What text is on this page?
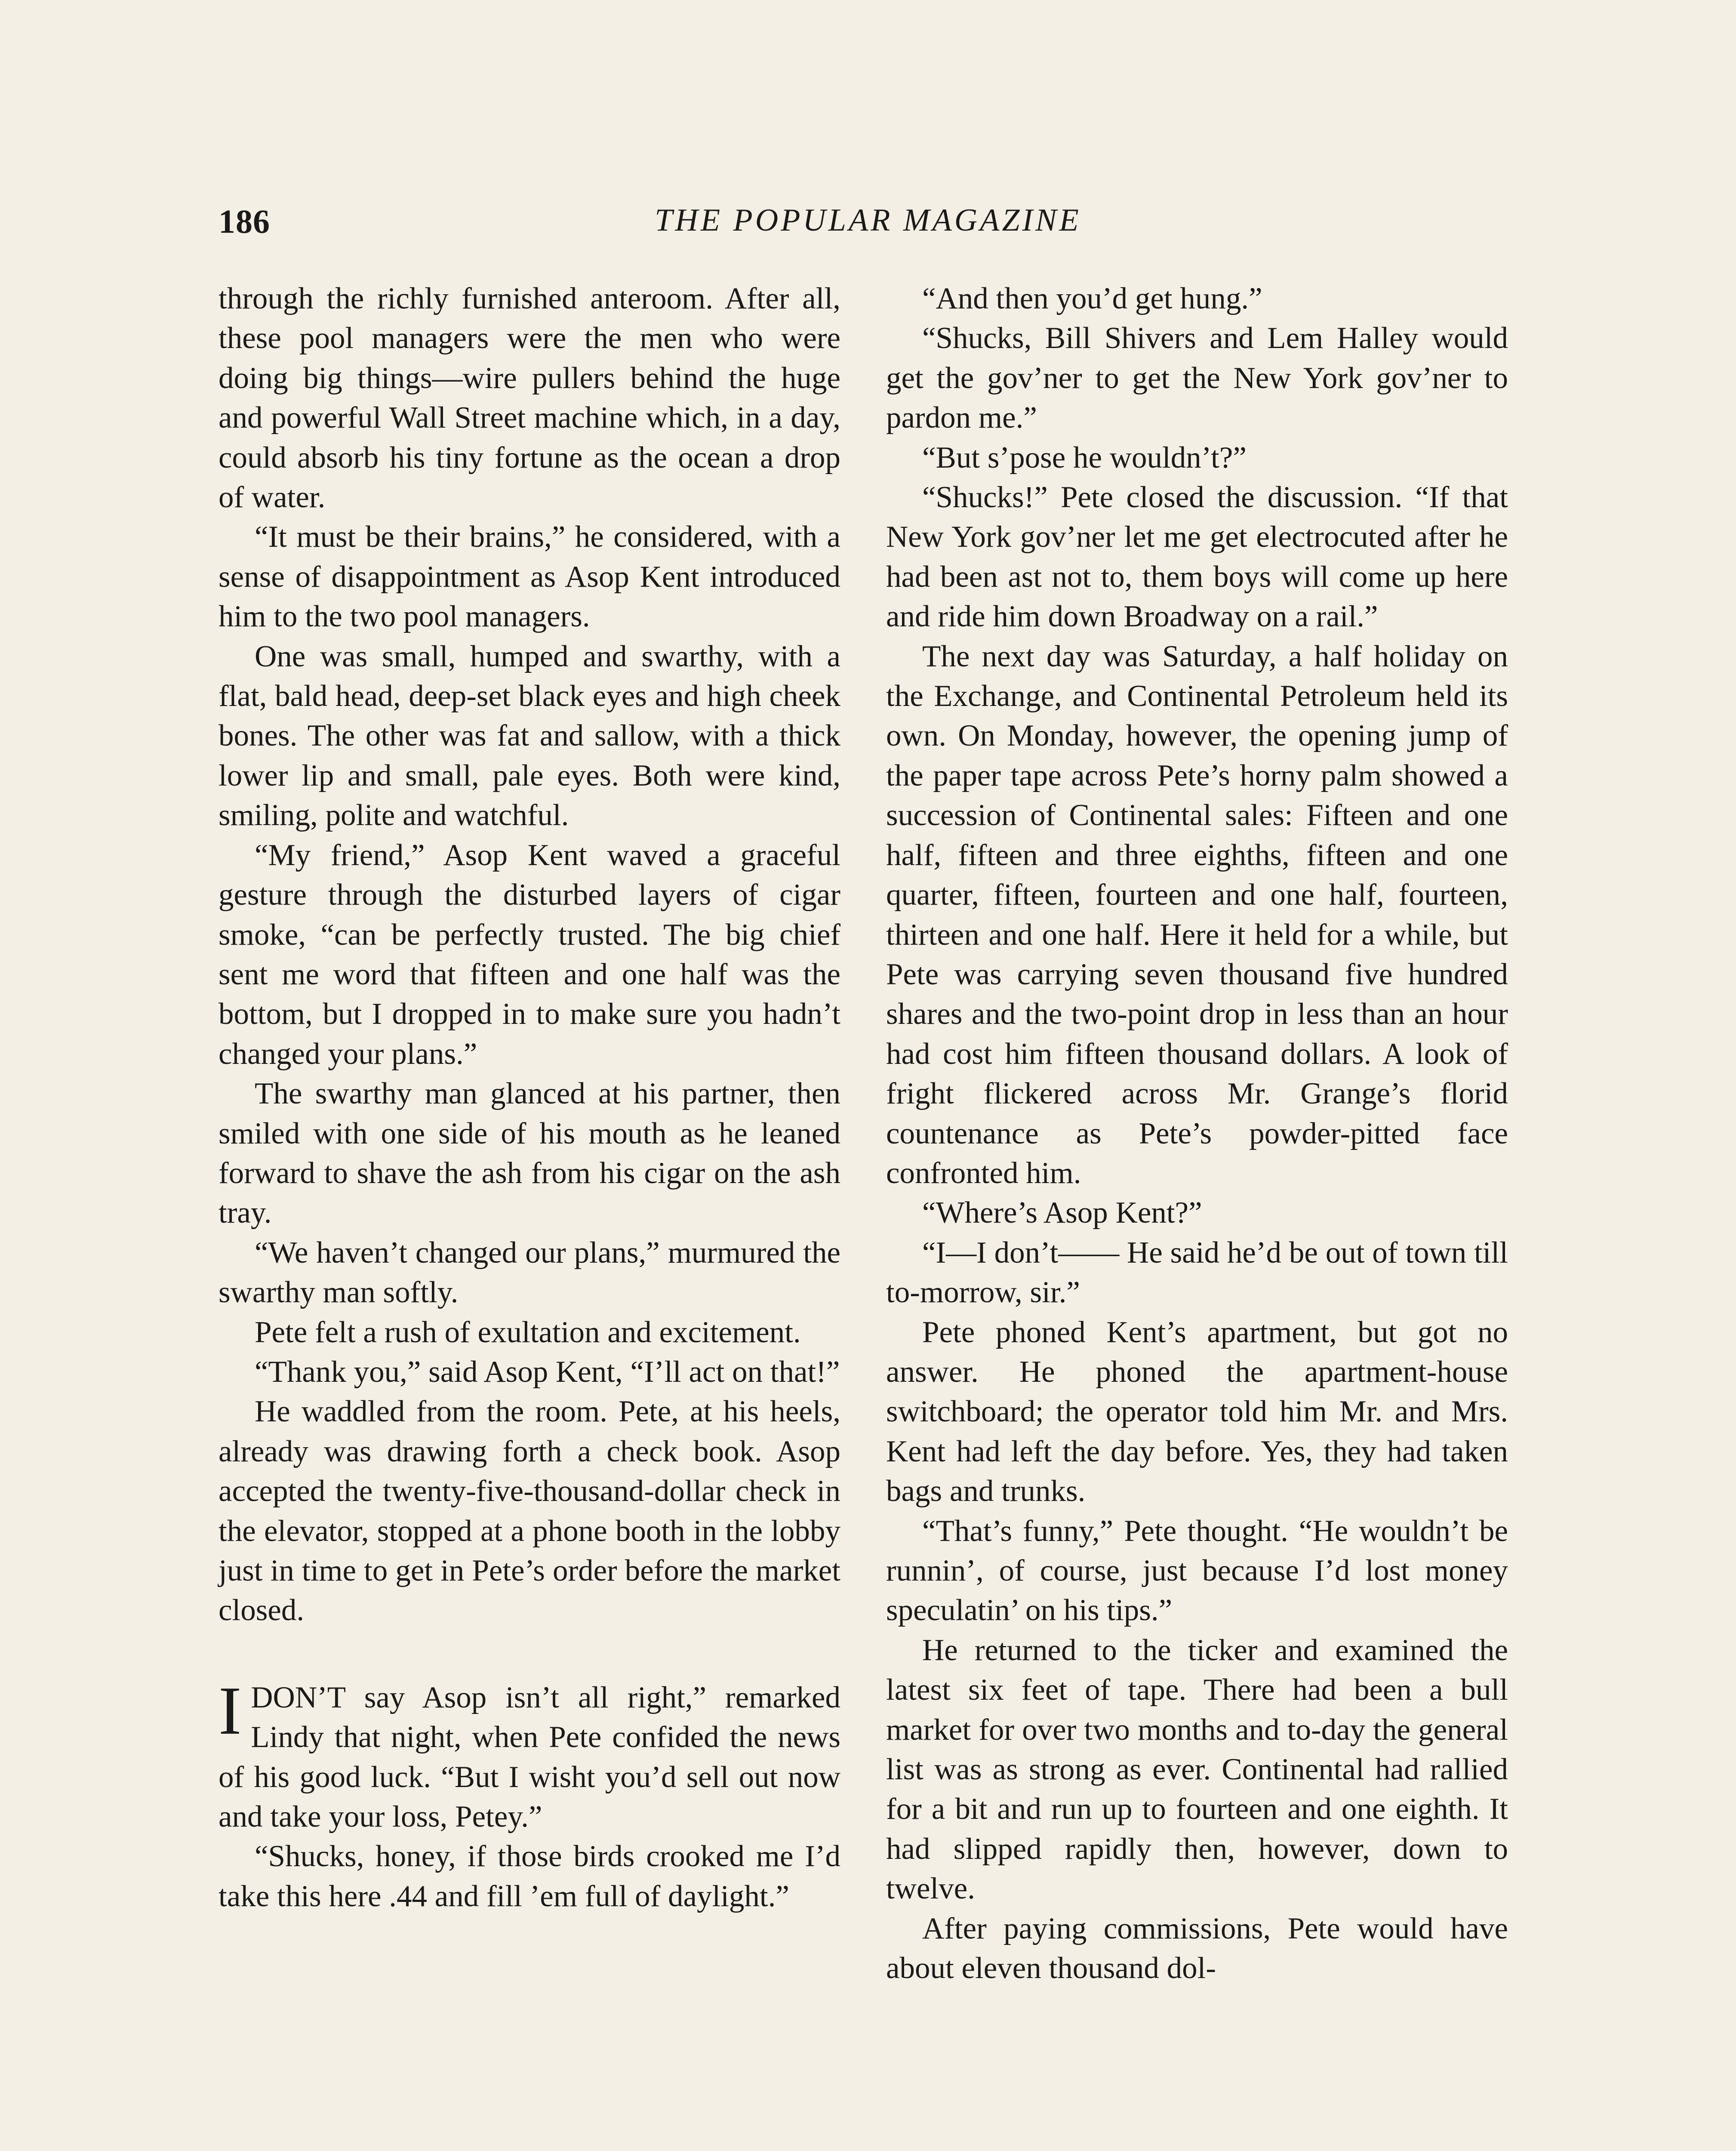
186	THE POPULAR MAGAZINE

through the richly furnished anteroom. After all, these pool managers were the men who were doing big things—wire pullers behind the huge and powerful Wall Street machine which, in a day, could absorb his tiny fortune as the ocean a drop of water.

“It must be their brains,” he considered, with a sense of disappointment as Asop Kent introduced him to the two pool managers.

One was small, humped and swarthy, with a flat, bald head, deep-set black eyes and high cheek bones. The other was fat and sallow, with a thick lower lip and small, pale eyes. Both were kind, smiling, polite and watchful.

“My friend,” Asop Kent waved a graceful gesture through the disturbed layers of cigar smoke, “can be perfectly trusted. The big chief sent me word that fifteen and one half was the bottom, but I dropped in to make sure you hadn’t changed your plans.”

The swarthy man glanced at his partner, then smiled with one side of his mouth as he leaned forward to shave the ash from his cigar on the ash tray.

“We haven’t changed our plans,” murmured the swarthy man softly.

Pete felt a rush of exultation and excitement.

“Thank you,” said Asop Kent, “I’ll act on that!”

He waddled from the room. Pete, at his heels, already was drawing forth a check book. Asop accepted the twenty-five-thousand-dollar check in the elevator, stopped at a phone booth in the lobby just in time to get in Pete’s order before the market closed.

IDON’T say Asop isn’t all right,” remarked Lindy that night, when Pete confided the news of his good luck. “But I wisht you’d sell out now and take your loss, Petey.”

“Shucks, honey, if those birds crooked me I’d take this here .44 and fill ’em full of daylight.”

“And then you’d get hung.”

“Shucks, Bill Shivers and Lem Halley would get the gov’ner to get the New York gov’ner to pardon me.”

“But s’pose he wouldn’t?”

“Shucks!” Pete closed the discussion. “If that New York gov’ner let me get electrocuted after he had been ast not to, them boys will come up here and ride him down Broadway on a rail.”

The next day was Saturday, a half holiday on the Exchange, and Continental Petroleum held its own. On Monday, however, the opening jump of the paper tape across Pete’s horny palm showed a succession of Continental sales: Fifteen and one half, fifteen and three eighths, fifteen and one quarter, fifteen, fourteen and one half, fourteen, thirteen and one half. Here it held for a while, but Pete was carrying seven thousand five hundred shares and the two-point drop in less than an hour had cost him fifteen thousand dollars. A look of fright flickered across Mr. Grange’s florid countenance as Pete’s powder-pitted face confronted him.

“Where’s Asop Kent?”

“I—I don’t—— He said he’d be out of town till to-morrow, sir.”

Pete phoned Kent’s apartment, but got no answer. He phoned the apartment-house switchboard; the operator told him Mr. and Mrs. Kent had left the day before. Yes, they had taken bags and trunks.

“That’s funny,” Pete thought. “He wouldn’t be runnin’, of course, just because I’d lost money speculatin’ on his tips.”

He returned to the ticker and examined the latest six feet of tape. There had been a bull market for over two months and to-day the general list was as strong as ever. Continental had rallied for a bit and run up to fourteen and one eighth. It had slipped rapidly then, however, down to twelve.

After paying commissions, Pete would have about eleven thousand dol-
